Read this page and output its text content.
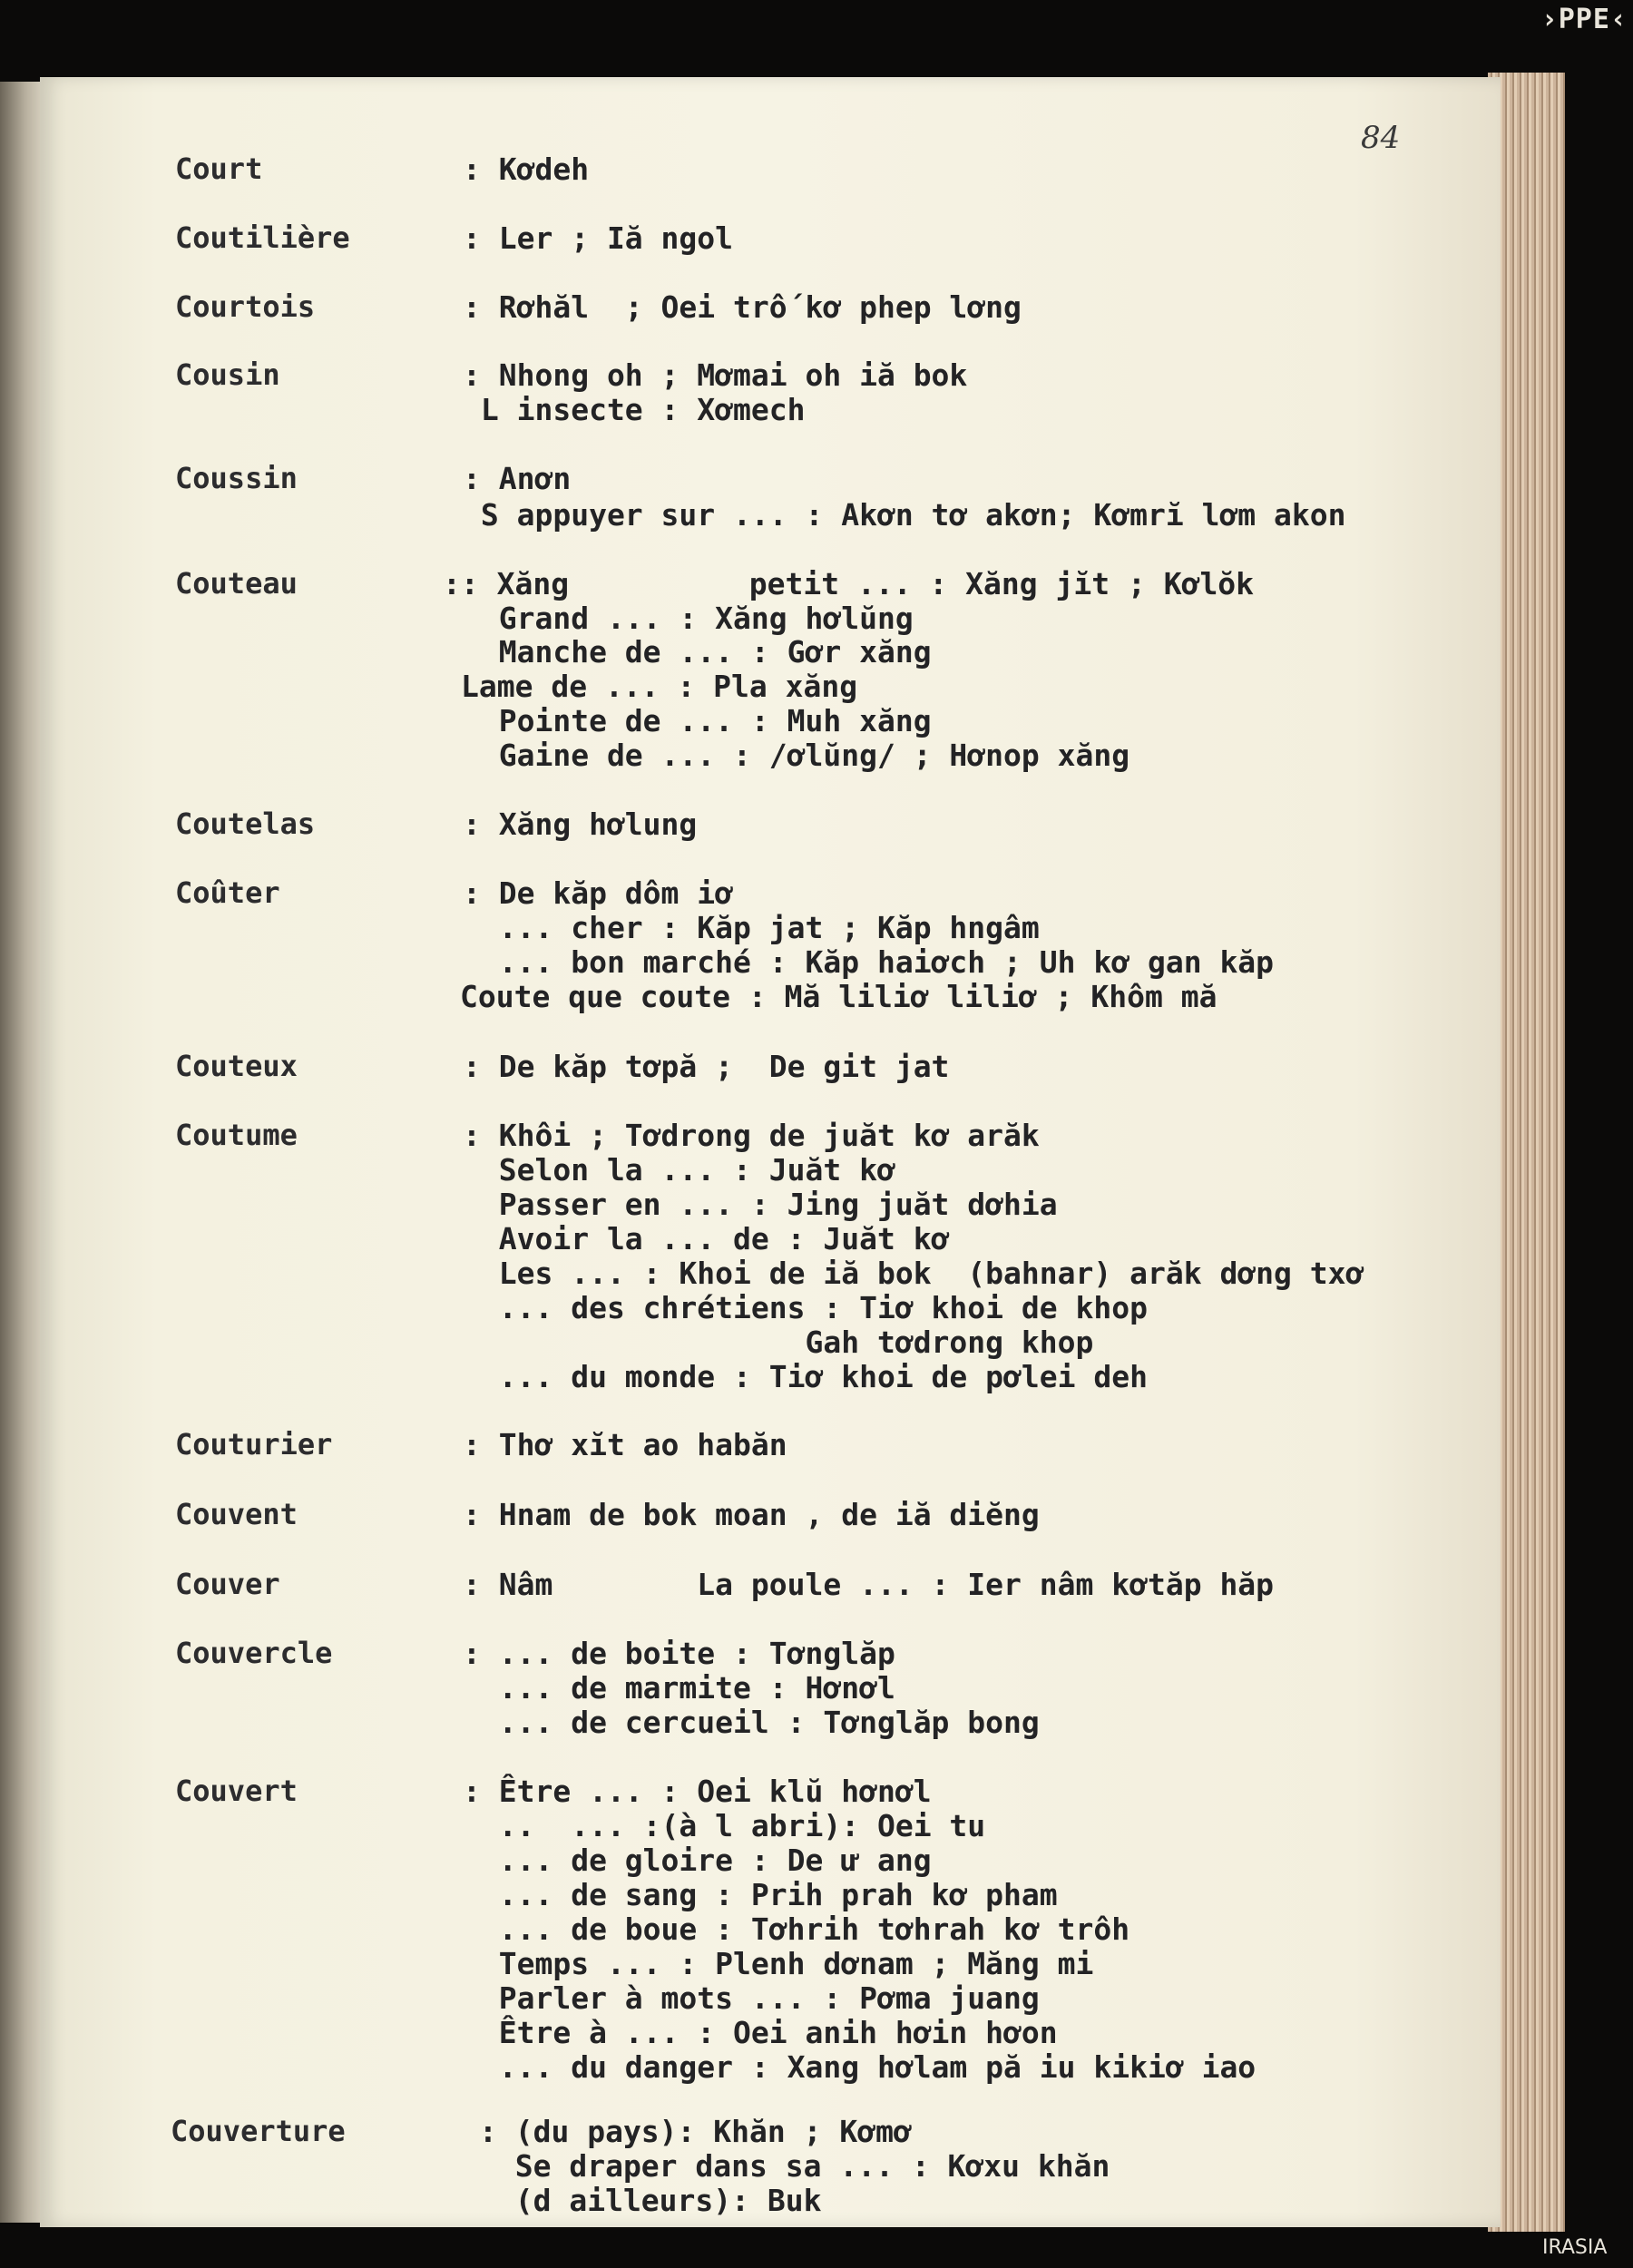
›PPE‹
84
Court	: Kơdeh
Coutilière	: Ler ; Iă ngol
Courtois	: Rơhăl  ; Oei trố kơ phep lơng
Cousin	: Nhong oh ; Mơmai oh iă bok
L insecte : Xơmech
Coussin	: Anơn
S appuyer sur ... : Akơn tơ akơn; Kơmrĭ lơm akon
Couteau	:: Xăng          petit ... : Xăng jĭt ; Kơlŏk
Grand ... : Xăng hơlŭng
Manche de ... : Gơr xăng
Lame de ... : Pla xăng
Pointe de ... : Muh xăng
Gaine de ... : /ơlŭng/ ; Hơnop xăng
Coutelas	: Xăng hơlung
Coûter	: De kăp dôm iơ
... cher : Kăp jat ; Kăp hngâm
... bon marché : Kăp haiơch ; Uh kơ gan kăp
Coute que coute : Mă liliơ liliơ ; Khôm mă
Couteux	: De kăp tơpă ;  De git jat
Coutume	: Khôi ; Tơdrong de juăt kơ arăk
Selon la ... : Juăt kơ
Passer en ... : Jing juăt dơhia
Avoir la ... de : Juăt kơ
Les ... : Khoi de iă bok  (bahnar) arăk dơng txơ
... des chrétiens : Tiơ khoi de khop
Gah tơdrong khop
... du monde : Tiơ khoi de pơlei deh
Couturier	: Thơ xĭt ao habăn
Couvent	: Hnam de bok moan , de iă diĕng
Couver	: Nâm        La poule ... : Ier nâm kơtăp hăp
Couvercle	: ... de boite : Tơnglăp
... de marmite : Hơnơl
... de cercueil : Tơnglăp bong
Couvert	: Être ... : Oei klŭ hơnơl
..  ... :(à l abri): Oei tu
... de gloire : De ư ang
... de sang : Prih prah kơ pham
... de boue : Tơhrih tơhrah kơ trôh
Temps ... : Plenh dơnam ; Măng mi
Parler à mots ... : Pơma juang
Être à ... : Oei anih hơin hơon
... du danger : Xang hơlam pă iu kikiơ iao
Couverture	: (du pays): Khăn ; Kơmơ
Se draper dans sa ... : Kơxu khăn
(d ailleurs): Buk
IRASIA
